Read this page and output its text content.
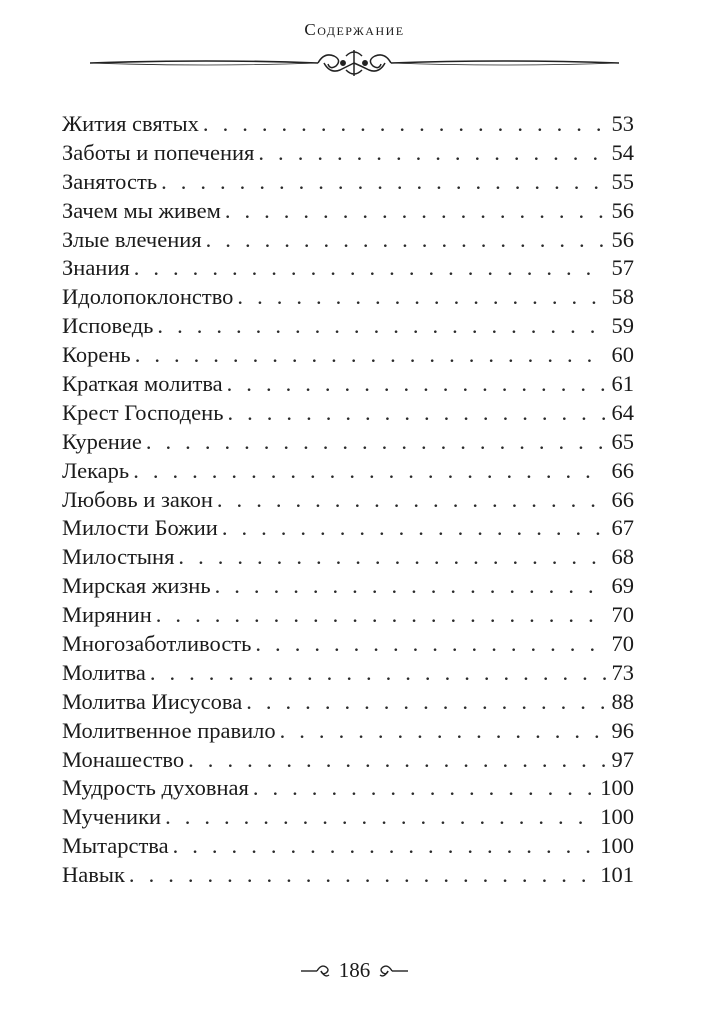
Содержание
Жития святых . . .	53
Заботы и попечения . . .	54
Занятость . . .	55
Зачем мы живем . . .	56
Злые влечения . . .	56
Знания . . .	57
Идолопоклонство . . .	58
Исповедь . . .	59
Корень . . .	60
Краткая молитва . . .	61
Крест Господень . . .	64
Курение . . .	65
Лекарь . . .	66
Любовь и закон . . .	66
Милости Божии . . .	67
Милостыня . . .	68
Мирская жизнь . . .	69
Мирянин . . .	70
Многозаботливость . . .	70
Молитва . . .	73
Молитва Иисусова . . .	88
Молитвенное правило . . .	96
Монашество . . .	97
Мудрость духовная . . .	100
Мученики . . .	100
Мытарства . . .	100
Навык . . .	101
186
